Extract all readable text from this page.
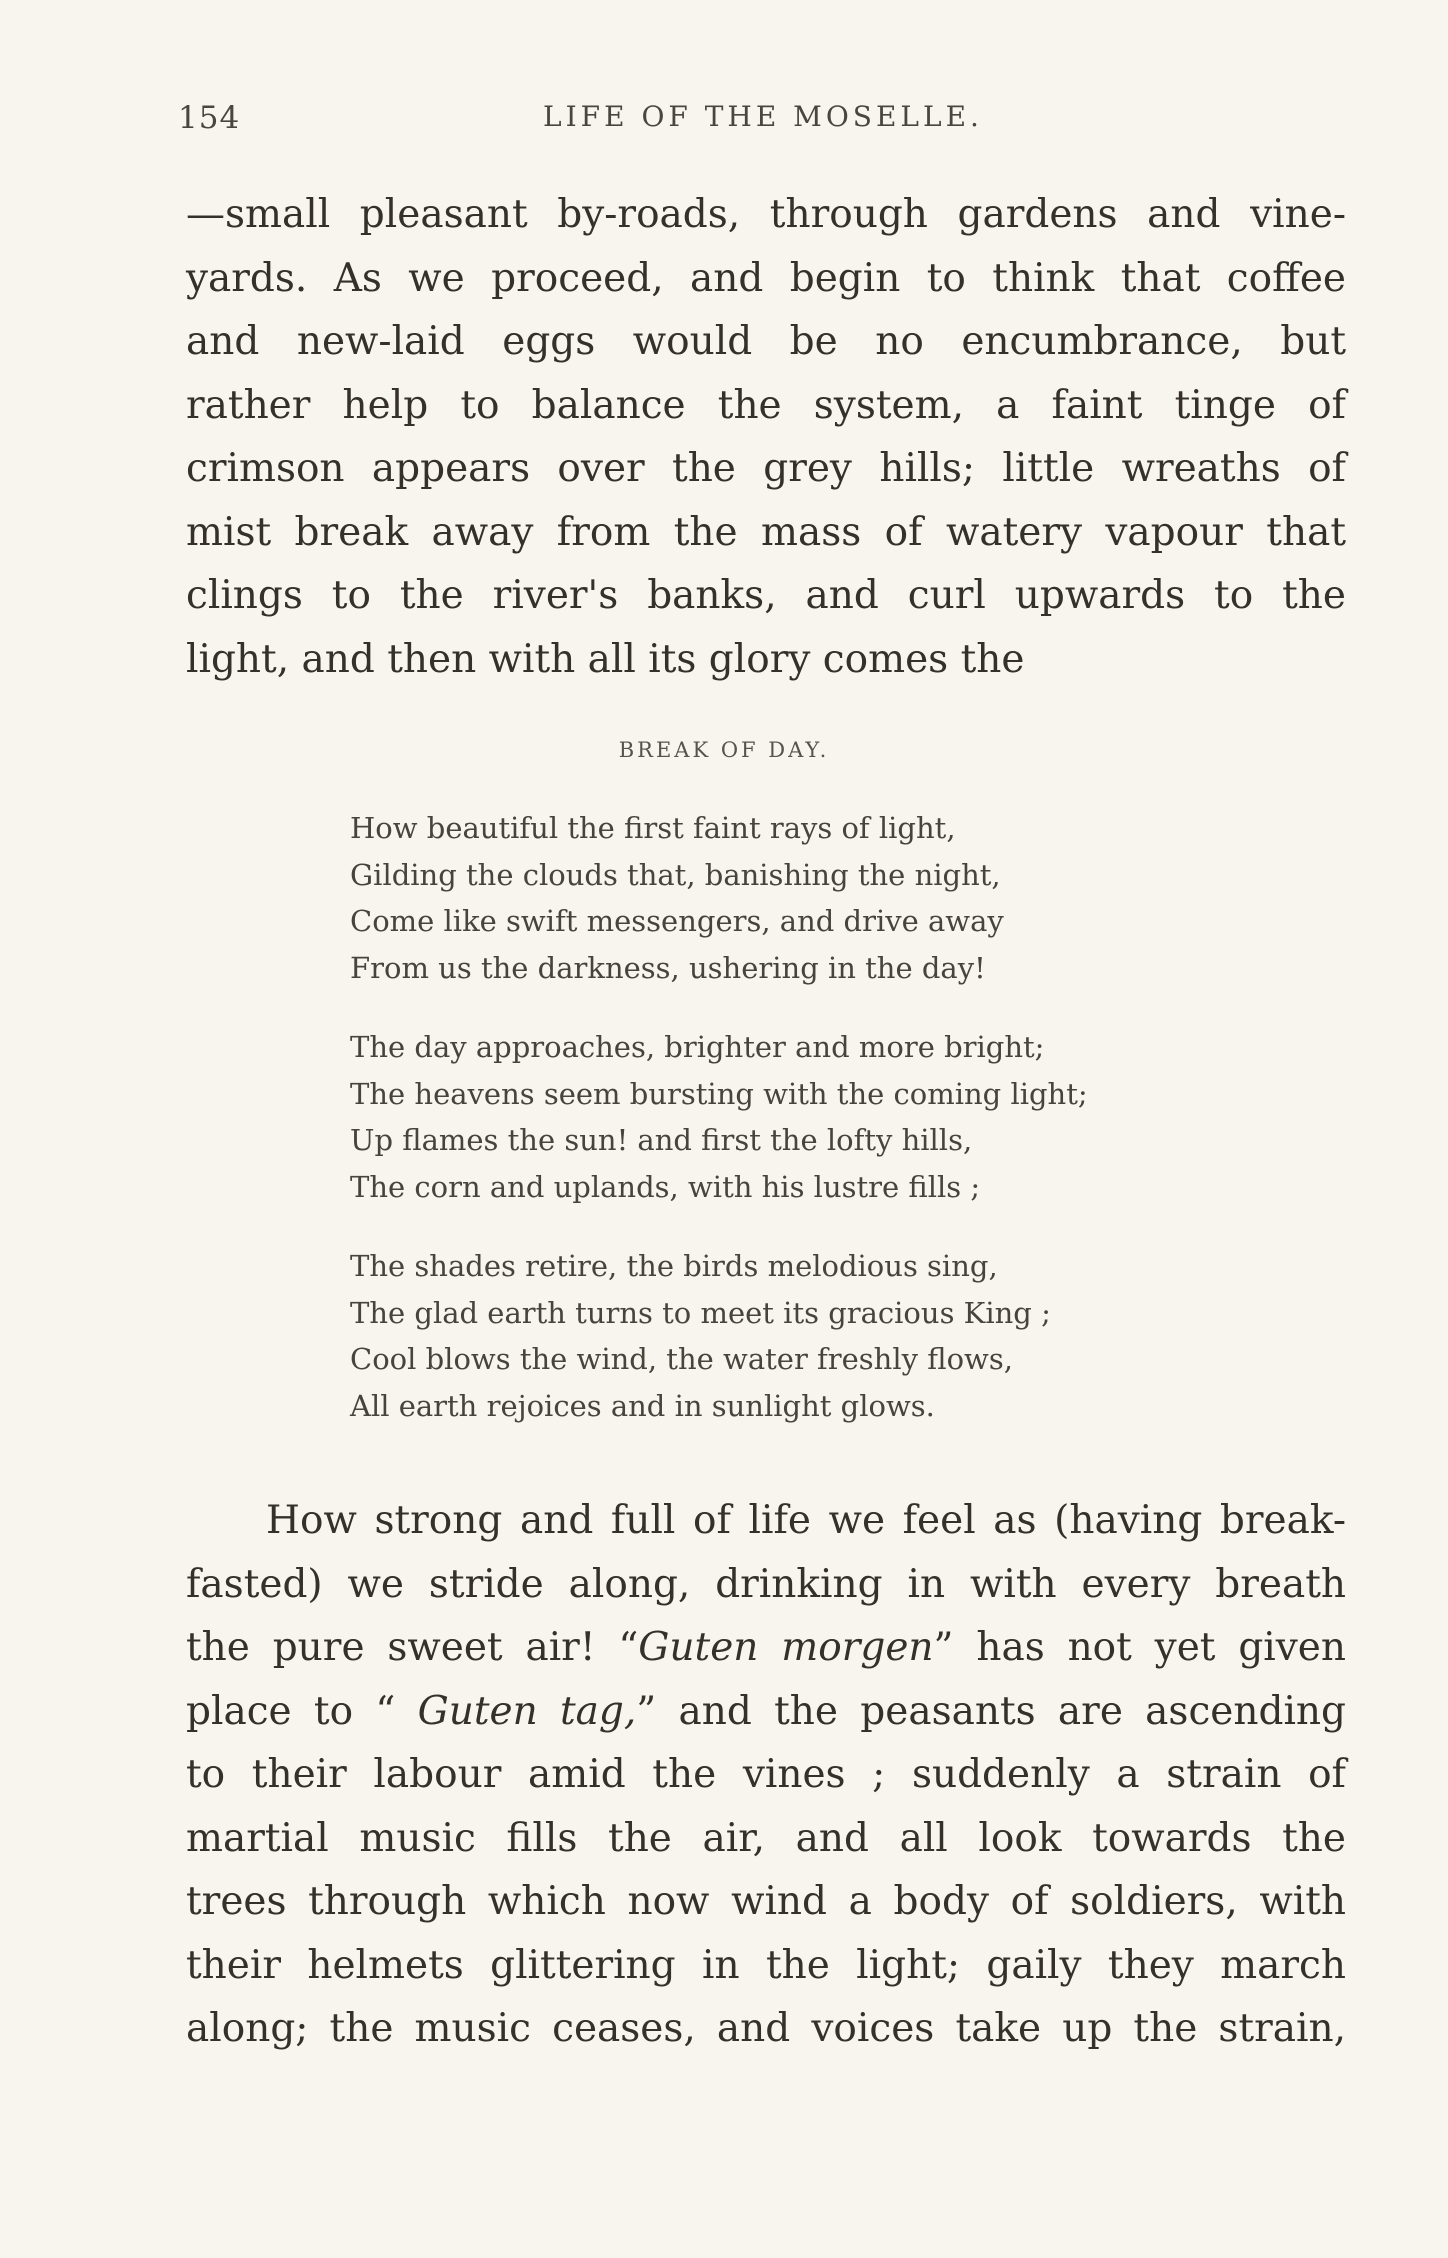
154	LIFE OF THE MOSELLE.

—small pleasant by-roads, through gardens and vine-
yards. As we proceed, and begin to think that coffee
and new-laid eggs would be no encumbrance, but
rather help to balance the system, a faint tinge of
crimson appears over the grey hills; little wreaths of
mist break away from the mass of watery vapour that
clings to the river's banks, and curl upwards to the
light, and then with all its glory comes the

BREAK OF DAY.
How beautiful the first faint rays of light,
Gilding the clouds that, banishing the night,
Come like swift messengers, and drive away
From us the darkness, ushering in the day!
The day approaches, brighter and more bright;
The heavens seem bursting with the coming light;
Up flames the sun! and first the lofty hills,
The corn and uplands, with his lustre fills ;
The shades retire, the birds melodious sing,
The glad earth turns to meet its gracious King ;
Cool blows the wind, the water freshly flows,
All earth rejoices and in sunlight glows.

How strong and full of life we feel as (having break-
fasted) we stride along, drinking in with every breath
the pure sweet air! “Guten morgen” has not yet given
place to “ Guten tag,” and the peasants are ascending
to their labour amid the vines ; suddenly a strain of
martial music fills the air, and all look towards the
trees through which now wind a body of soldiers, with
their helmets glittering in the light; gaily they march
along; the music ceases, and voices take up the strain,
